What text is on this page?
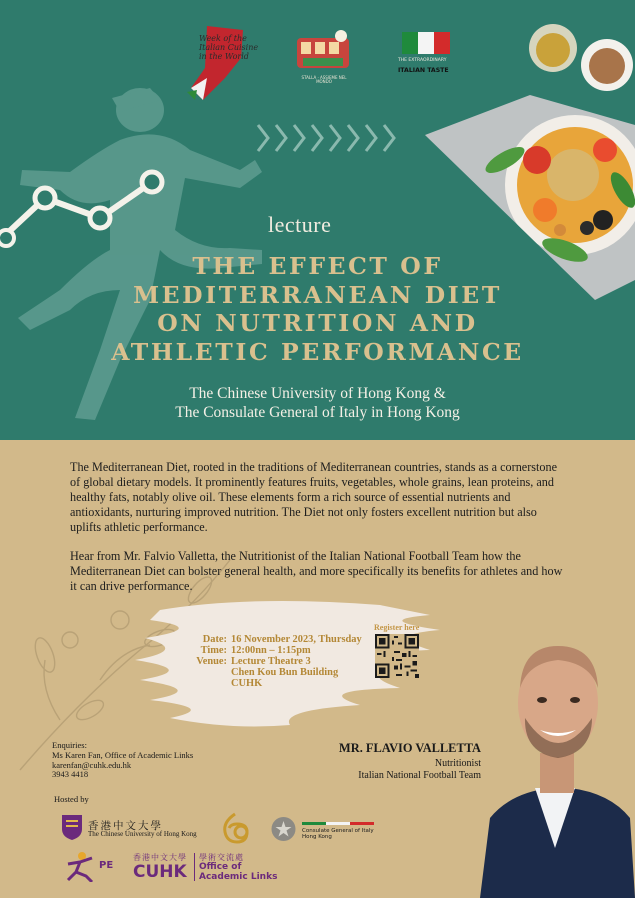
Week of the Italian Cuisine in the World
STALLA · ASSIEME NEL MONDO
THE EXTRAORDINARY
ITALIAN TASTE
lecture
THE EFFECT OF
MEDITERRANEAN DIET
ON NUTRITION AND
ATHLETIC PERFORMANCE
The Chinese University of Hong Kong &
The Consulate General of Italy in Hong Kong

The Mediterranean Diet, rooted in the traditions of Mediterranean countries, stands as a cornerstone of global dietary models. It prominently features fruits, vegetables, whole grains, lean proteins, and healthy fats, notably olive oil. These elements form a rich source of essential nutrients and antioxidants, nurturing improved nutrition. The Diet not only fosters excellent nutrition but also uplifts athletic performance.

Hear from Mr. Falvio Valletta, the Nutritionist of the Italian National Football Team how the Mediterranean Diet can bolster general health, and more specifically its benefits for athletes and how it can drive performance.

Date: 16 November 2023, Thursday
Time: 12:00nn – 1:15pm
Venue: Lecture Theatre 3
Chen Kou Bun Building
CUHK
Register here
MR. FLAVIO VALLETTA
Nutritionist
Italian National Football Team
Enquiries:
Ms Karen Fan, Office of Academic Links
karenfan@cuhk.edu.hk
3943 4418
Hosted by
香港中文大學
The Chinese University of Hong Kong	Consulate General of Italy
Hong Kong
PE
香港中文大學
CUHK
學術交流處
Office of
Academic Links
